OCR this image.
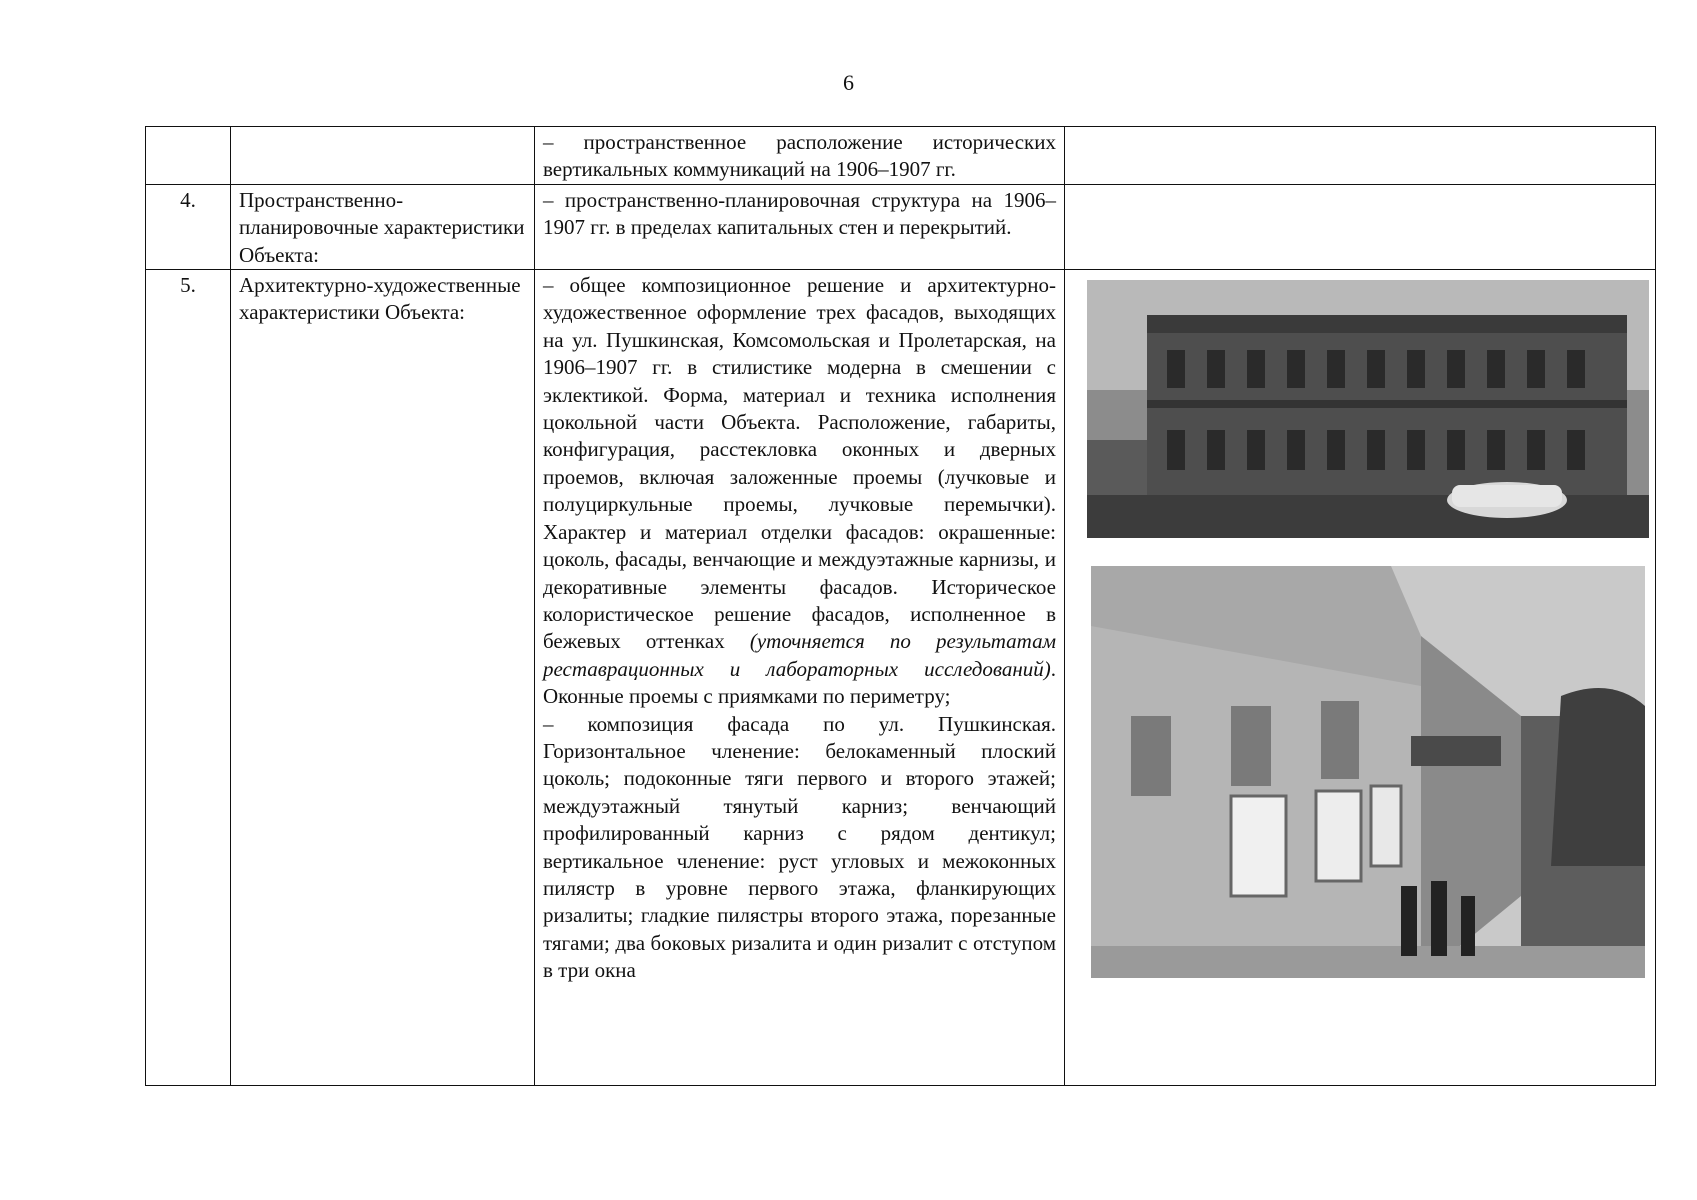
6
		– пространственное расположение исторических вертикальных коммуникаций на 1906–1907 гг.	
4.	Пространственно-планировочные характеристики Объекта:	– пространственно-планировочная структура на 1906–1907 гг. в пределах капитальных стен и перекрытий.	
5.	Архитектурно-художественные характеристики Объекта:	– общее композиционное решение и архитектурно-художественное оформление трех фасадов, выходящих на ул. Пушкинская, Комсомольская и Пролетарская, на 1906–1907 гг. в стилистике модерна в смешении с эклектикой. Форма, материал и техника исполнения цокольной части Объекта. Расположение, габариты, конфигурация, расстекловка оконных и дверных проемов, включая заложенные проемы (лучковые и полуциркульные проемы, лучковые перемычки). Характер и материал отделки фасадов: окрашенные: цоколь, фасады, венчающие и междуэтажные карнизы, и декоративные элементы фасадов. Историческое колористическое решение фасадов, исполненное в бежевых оттенках (уточняется по результатам реставрационных и лабораторных исследований). Оконные проемы с приямками по периметру;

– композиция фасада по ул. Пушкинская. Горизонтальное членение: белокаменный плоский цоколь; подоконные тяги первого и второго этажей; междуэтажный тянутый карниз; венчающий профилированный карниз с рядом дентикул; вертикальное членение: руст угловых и межоконных пилястр в уровне первого этажа, фланкирующих ризалиты; гладкие пилястры второго этажа, порезанные тягами; два боковых ризалита и один ризалит с отступом в три окна
